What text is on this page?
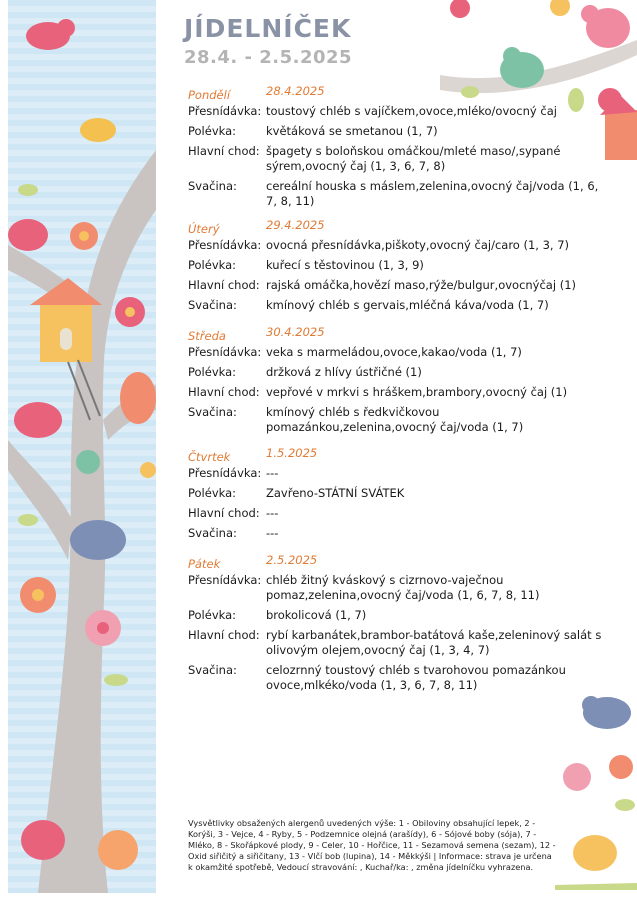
JÍDELNÍČEK
28.4. - 2.5.2025
Pondělí	28.4.2025
Přesnídávka: toustový chléb s vajíčkem,ovoce,mléko/ovocný čaj
Polévka:	květáková se smetanou (1, 7)
Hlavní chod: špagety s boloňskou omáčkou/mleté maso/,sypané sýrem,ovocný čaj (1, 3, 6, 7, 8)
Svačina:	cereální houska s máslem,zelenina,ovocný čaj/voda (1, 6, 7, 8, 11)
Úterý	29.4.2025
Přesnídávka: ovocná přesnídávka,piškoty,ovocný čaj/caro (1, 3, 7)
Polévka:	kuřecí s těstovinou (1, 3, 9)
Hlavní chod: rajská omáčka,hovězí maso,rýže/bulgur,ovocnýčaj (1)
Svačina:	kmínový chléb s gervais,mléčná káva/voda (1, 7)
Středa	30.4.2025
Přesnídávka: veka s marmeládou,ovoce,kakao/voda (1, 7)
Polévka:	držková z hlívy ústřičné (1)
Hlavní chod: vepřové v mrkvi s hráškem,brambory,ovocný čaj (1)
Svačina:	kmínový chléb s ředkvičkovou pomazánkou,zelenina,ovocný čaj/voda (1, 7)
Čtvrtek	1.5.2025
Přesnídávka: ---
Polévka:	Zavřeno-STÁTNÍ SVÁTEK
Hlavní chod: ---
Svačina:	---
Pátek	2.5.2025
Přesnídávka: chléb žitný kváskový s cizrnovo-vaječnou pomaz,zelenina,ovocný čaj/voda (1, 6, 7, 8, 11)
Polévka:	brokolicová (1, 7)
Hlavní chod: rybí karbanátek,brambor-batátová kaše,zeleninový salát s olivovým olejem,ovocný čaj (1, 3, 4, 7)
Svačina:	celozrnný toustový chléb s tvarohovou pomazánkou ovoce,mlkéko/voda (1, 3, 6, 7, 8, 11)
Vysvětlivky obsažených alergenů uvedených výše: 1 - Obiloviny obsahující lepek, 2 - Korýši, 3 - Vejce, 4 - Ryby, 5 - Podzemnice olejná (arašídy), 6 - Sójové boby (sója), 7 - Mléko, 8 - Skořápkové plody, 9 - Celer, 10 - Hořčice, 11 - Sezamová semena (sezam), 12 - Oxid siřičitý a siřičitany, 13 - Vlčí bob (lupina), 14 - Měkkýši | Informace: strava je určena k okamžité spotřebě, Vedoucí stravování: , Kuchař/ka: , změna jídelníčku vyhrazena.
